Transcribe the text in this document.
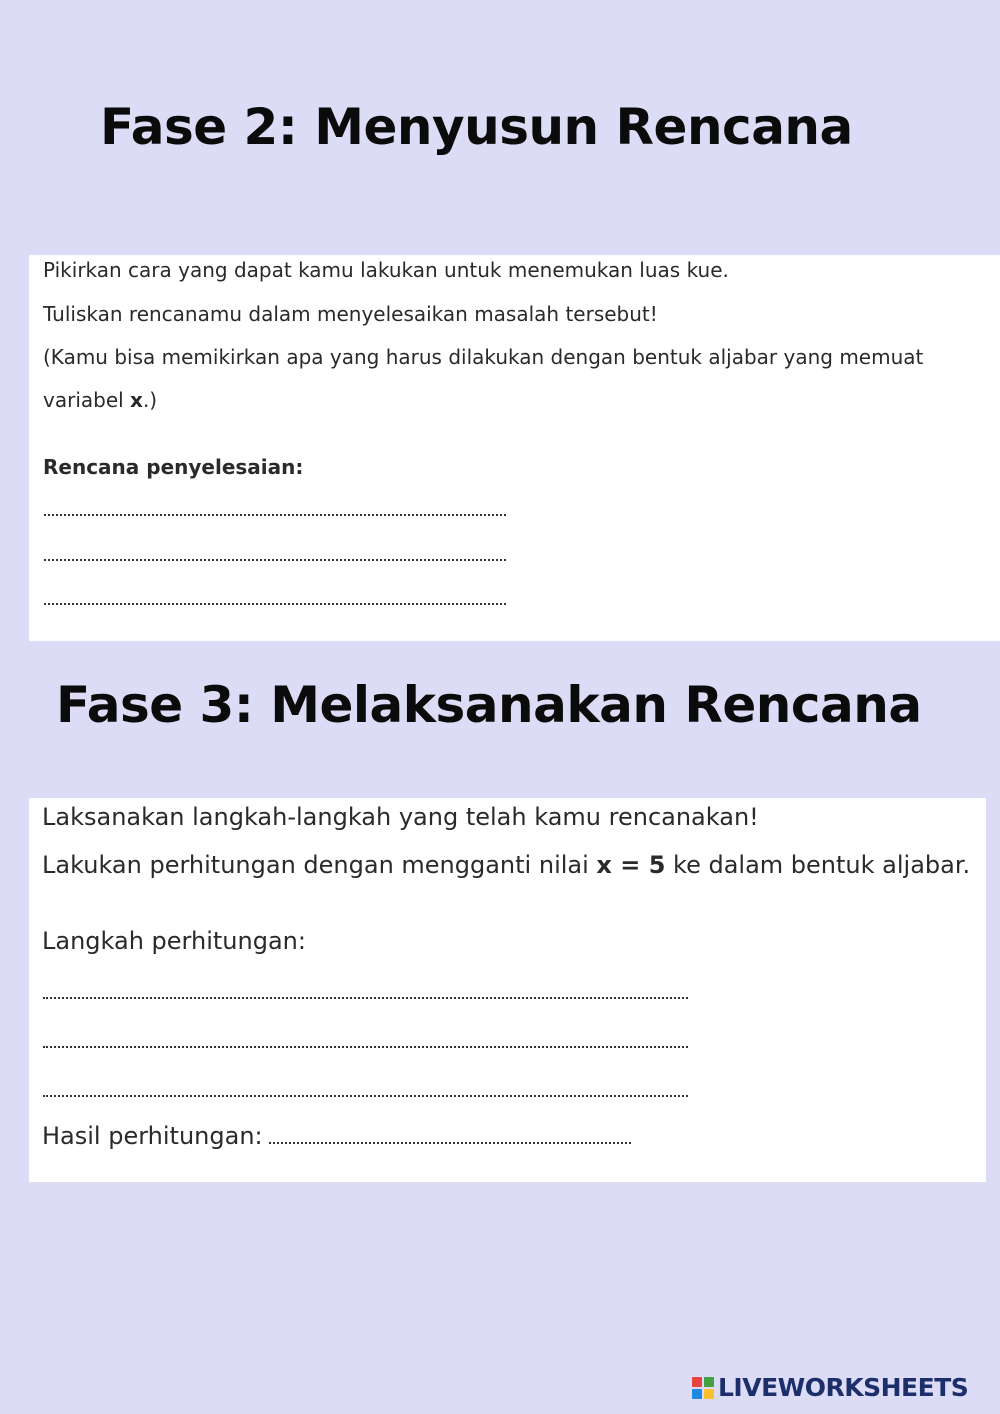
Fase 2: Menyusun Rencana

Pikirkan cara yang dapat kamu lakukan untuk menemukan luas kue.

Tuliskan rencanamu dalam menyelesaikan masalah tersebut!

(Kamu bisa memikirkan apa yang harus dilakukan dengan bentuk aljabar yang memuat

variabel x.)

Rencana penyelesaian:

Fase 3: Melaksanakan Rencana

Laksanakan langkah-langkah yang telah kamu rencanakan!

Lakukan perhitungan dengan mengganti nilai x = 5 ke dalam bentuk aljabar.

Langkah perhitungan:

Hasil perhitungan:

LIVEWORKSHEETS
